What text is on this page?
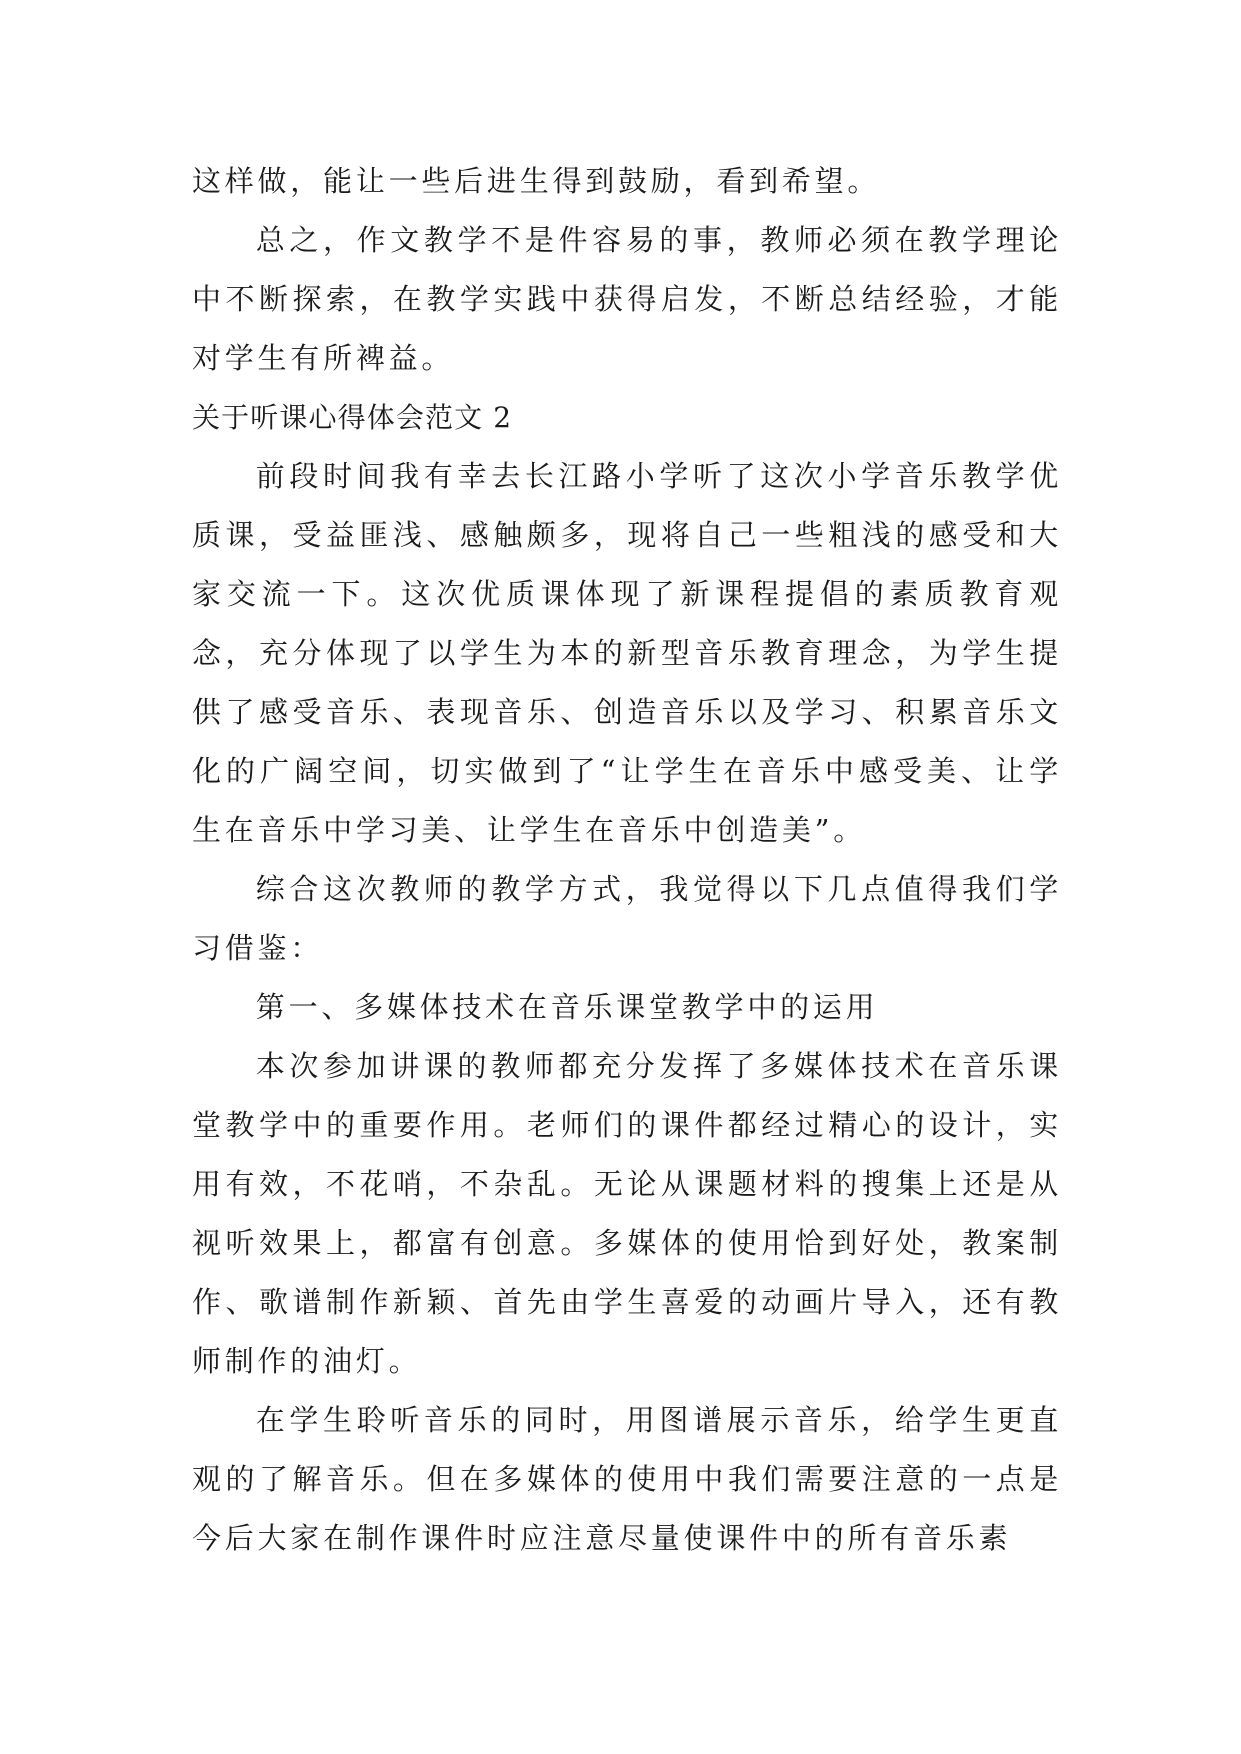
这样做，能让一些后进生得到鼓励，看到希望。

总之，作文教学不是件容易的事，教师必须在教学理论中不断探索，在教学实践中获得启发，不断总结经验，才能对学生有所裨益。

关于听课心得体会范文 2

前段时间我有幸去长江路小学听了这次小学音乐教学优质课，受益匪浅、感触颇多，现将自己一些粗浅的感受和大家交流一下。这次优质课体现了新课程提倡的素质教育观念，充分体现了以学生为本的新型音乐教育理念，为学生提供了感受音乐、表现音乐、创造音乐以及学习、积累音乐文化的广阔空间，切实做到了“让学生在音乐中感受美、让学生在音乐中学习美、让学生在音乐中创造美”。

综合这次教师的教学方式，我觉得以下几点值得我们学习借鉴：

第一、多媒体技术在音乐课堂教学中的运用

本次参加讲课的教师都充分发挥了多媒体技术在音乐课堂教学中的重要作用。老师们的课件都经过精心的设计，实用有效，不花哨，不杂乱。无论从课题材料的搜集上还是从视听效果上，都富有创意。多媒体的使用恰到好处，教案制作、歌谱制作新颖、首先由学生喜爱的动画片导入，还有教师制作的油灯。

在学生聆听音乐的同时，用图谱展示音乐，给学生更直观的了解音乐。但在多媒体的使用中我们需要注意的一点是今后大家在制作课件时应注意尽量使课件中的所有音乐素
